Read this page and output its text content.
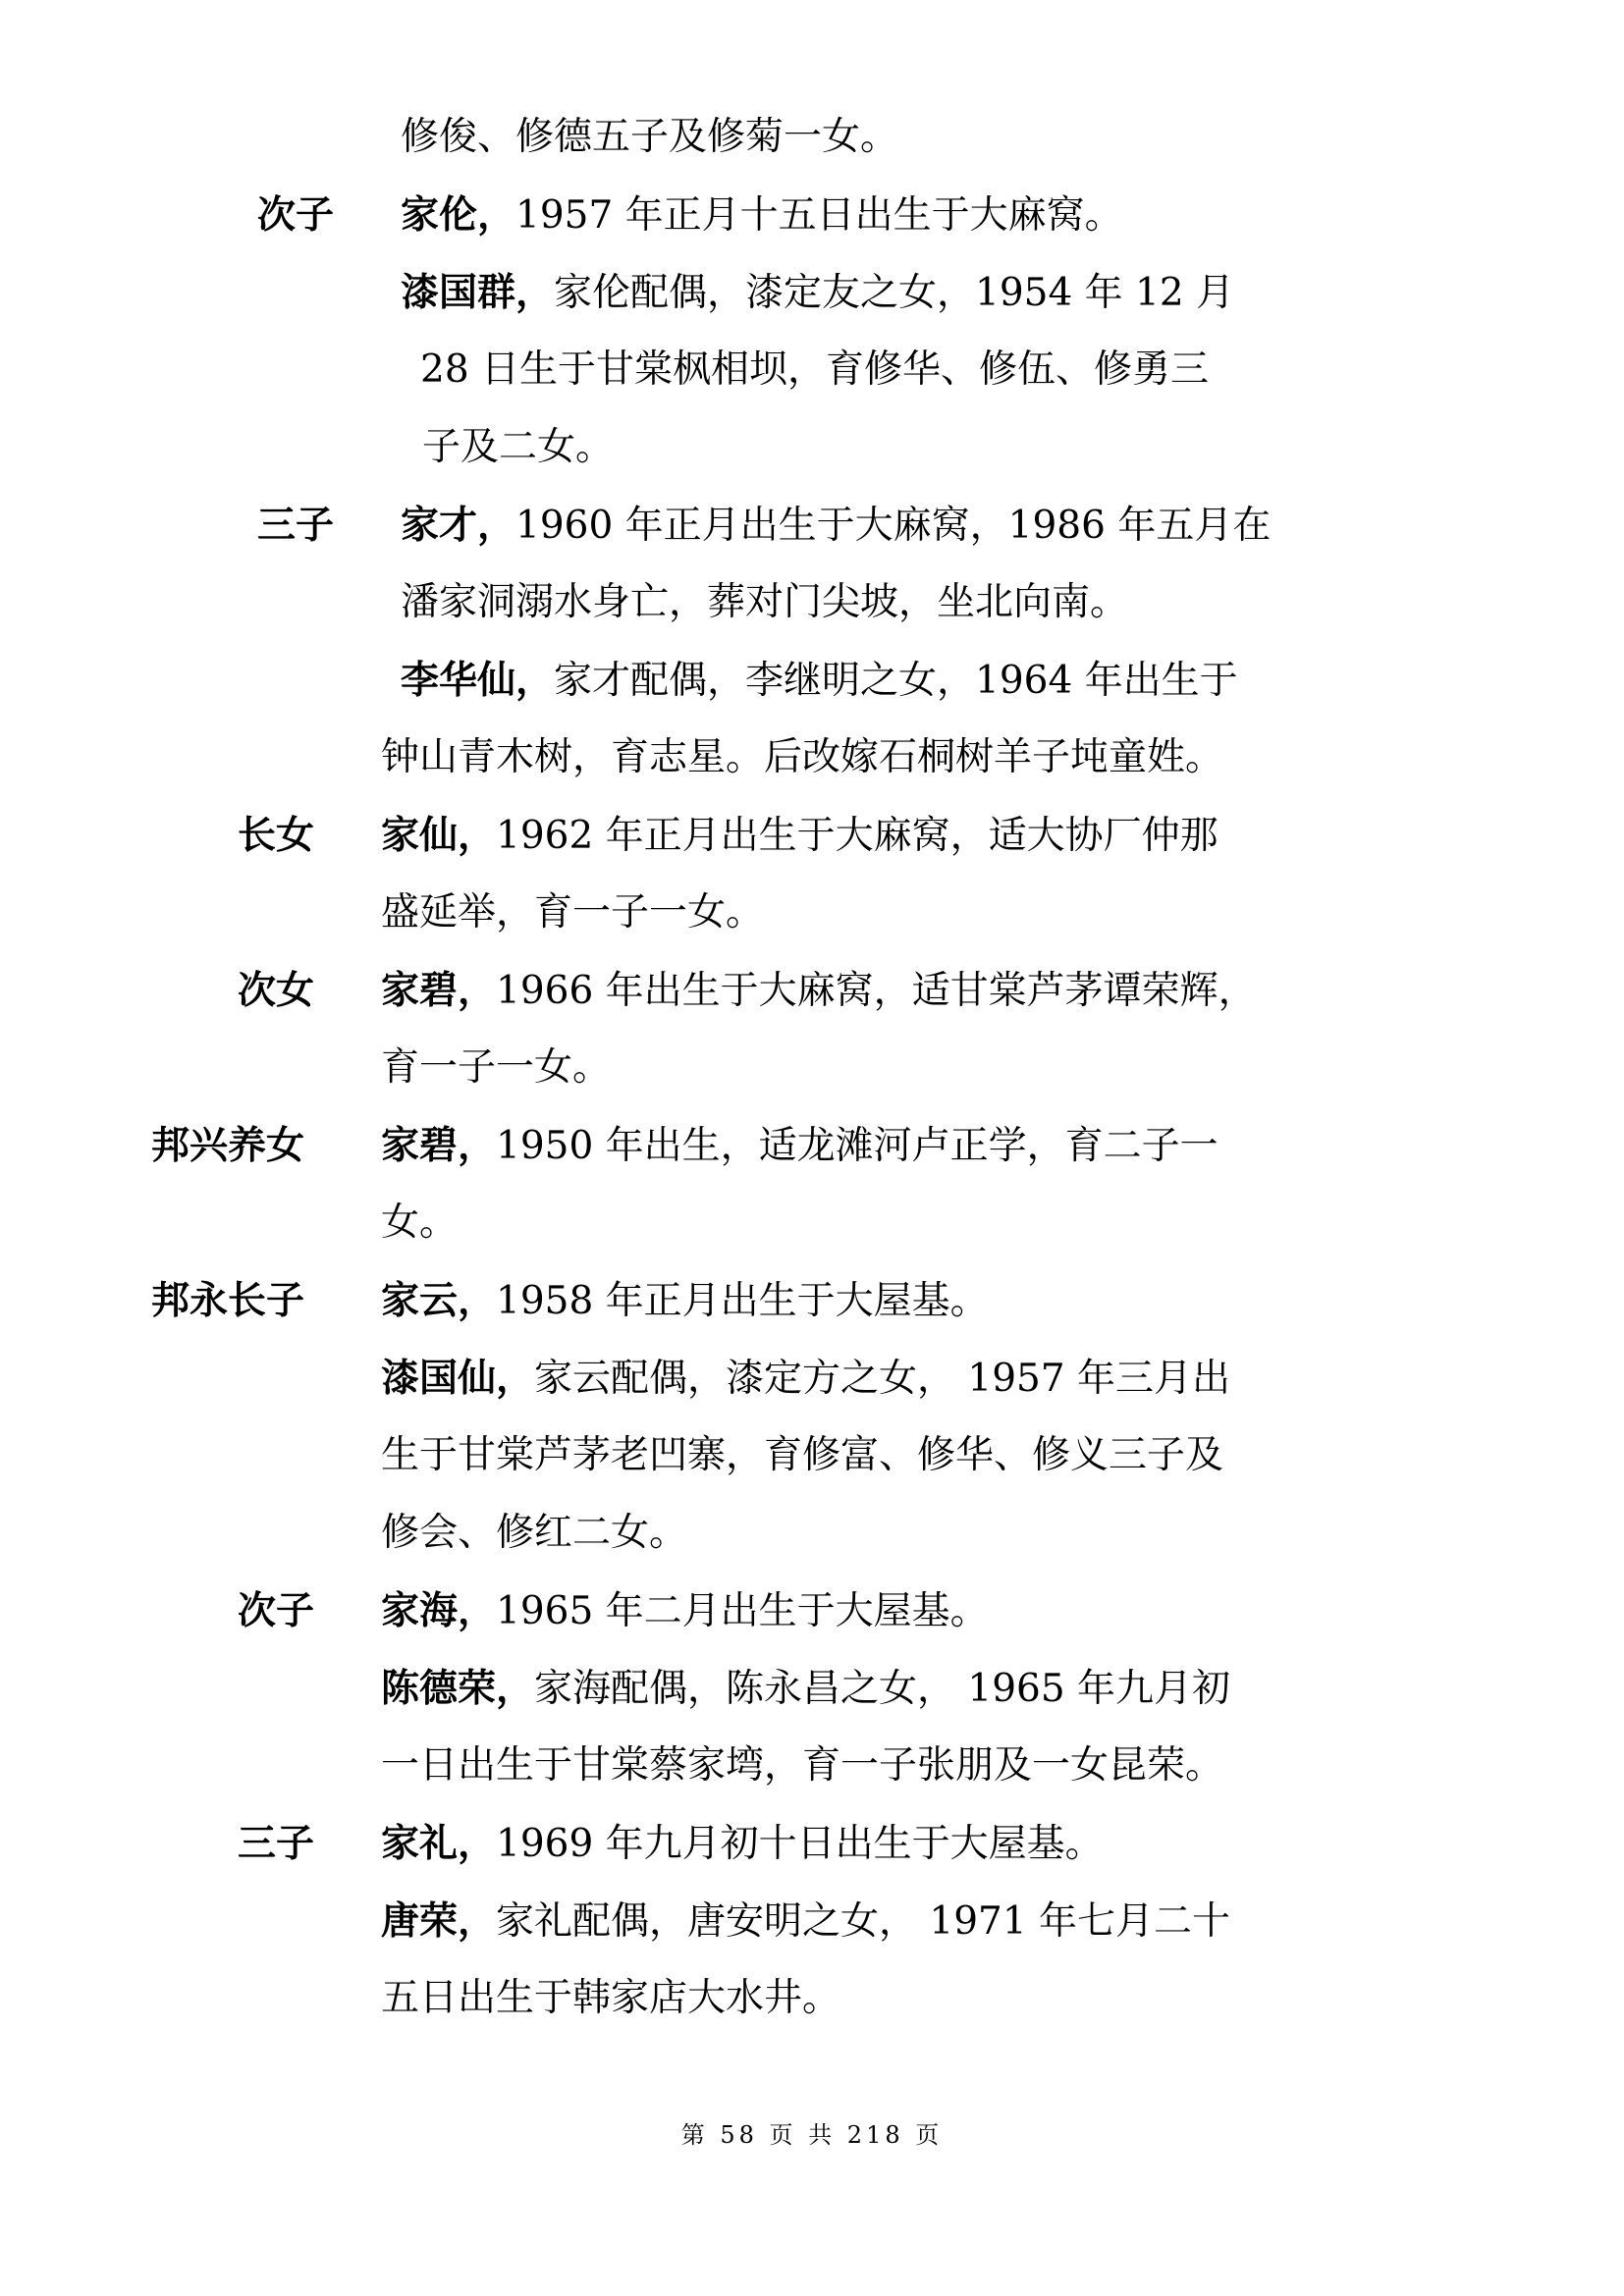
修俊、修德五子及修菊一女。
次子 家伦，1957 年正月十五日出生于大麻窝。
漆国群，家伦配偶，漆定友之女，1954 年 12 月
28 日生于甘棠枫相坝，育修华、修伍、修勇三
子及二女。
三子 家才，1960 年正月出生于大麻窝，1986 年五月在
潘家洞溺水身亡，葬对门尖坡，坐北向南。
李华仙，家才配偶，李继明之女，1964 年出生于
钟山青木树，育志星。后改嫁石桐树羊子坉童姓。
长女 家仙，1962 年正月出生于大麻窝，适大协厂仲那
盛延举，育一子一女。
次女 家碧，1966 年出生于大麻窝，适甘棠芦茅谭荣辉，
育一子一女。
邦兴养女 家碧，1950 年出生，适龙滩河卢正学，育二子一
女。
邦永长子 家云，1958 年正月出生于大屋基。
漆国仙，家云配偶，漆定方之女， 1957 年三月出
生于甘棠芦茅老凹寨，育修富、修华、修义三子及
修会、修红二女。
次子 家海，1965 年二月出生于大屋基。
陈德荣，家海配偶，陈永昌之女， 1965 年九月初
一日出生于甘棠蔡家塆，育一子张朋及一女昆荣。
三子 家礼，1969 年九月初十日出生于大屋基。
唐荣，家礼配偶，唐安明之女， 1971 年七月二十
五日出生于韩家店大水井。
第 58 页 共 218 页
